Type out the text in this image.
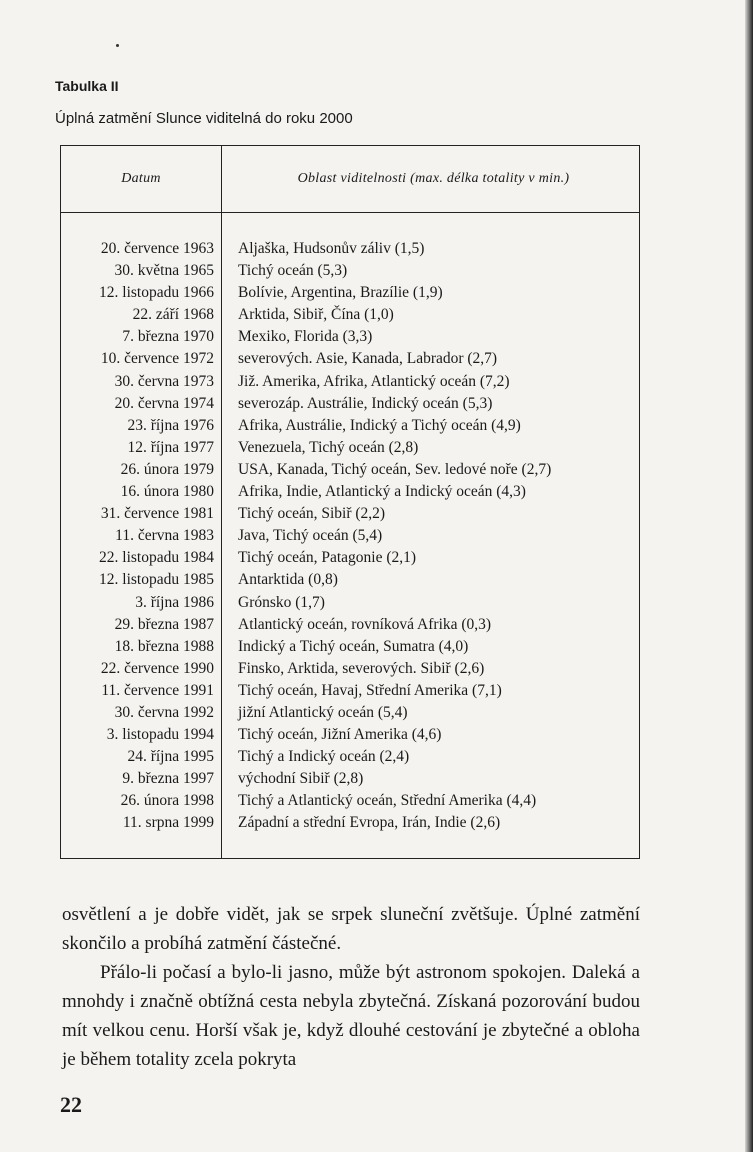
Tabulka II
Úplná zatmění Slunce viditelná do roku 2000
Datum	Oblast viditelnosti (max. délka totality v min.)
20. července 1963
30. května 1965
12. listopadu 1966
22. září 1968
7. března 1970
10. července 1972
30. června 1973
20. června 1974
23. října 1976
12. října 1977
26. února 1979
16. února 1980
31. července 1981
11. června 1983
22. listopadu 1984
12. listopadu 1985
3. října 1986
29. března 1987
18. března 1988
22. července 1990
11. července 1991
30. června 1992
3. listopadu 1994
24. října 1995
9. března 1997
26. února 1998
11. srpna 1999
Aljaška, Hudsonův záliv (1,5)
Tichý oceán (5,3)
Bolívie, Argentina, Brazílie (1,9)
Arktida, Sibiř, Čína (1,0)
Mexiko, Florida (3,3)
severových. Asie, Kanada, Labrador (2,7)
Již. Amerika, Afrika, Atlantický oceán (7,2)
severozáp. Austrálie, Indický oceán (5,3)
Afrika, Austrálie, Indický a Tichý oceán (4,9)
Venezuela, Tichý oceán (2,8)
USA, Kanada, Tichý oceán, Sev. ledové noře (2,7)
Afrika, Indie, Atlantický a Indický oceán (4,3)
Tichý oceán, Sibiř (2,2)
Java, Tichý oceán (5,4)
Tichý oceán, Patagonie (2,1)
Antarktida (0,8)
Grónsko (1,7)
Atlantický oceán, rovníková Afrika (0,3)
Indický a Tichý oceán, Sumatra (4,0)
Finsko, Arktida, severových. Sibiř (2,6)
Tichý oceán, Havaj, Střední Amerika (7,1)
jižní Atlantický oceán (5,4)
Tichý oceán, Jižní Amerika (4,6)
Tichý a Indický oceán (2,4)
východní Sibiř (2,8)
Tichý a Atlantický oceán, Střední Amerika (4,4)
Západní a střední Evropa, Irán, Indie (2,6)

osvětlení a je dobře vidět, jak se srpek sluneční zvětšuje. Úplné zatmění skončilo a probíhá zatmění částečné.

Přálo-li počasí a bylo-li jasno, může být astronom spokojen. Daleká a mnohdy i značně obtížná cesta nebyla zbytečná. Získaná pozorování budou mít velkou cenu. Horší však je, když dlouhé cestování je zbytečné a obloha je během totality zcela pokryta

22
